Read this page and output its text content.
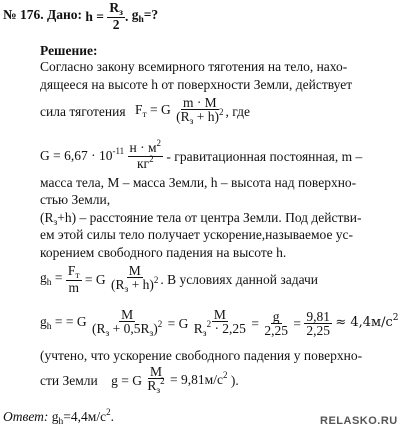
№ 176. Дано: $h = \frac{R_з}{2}$ . $g_h=$?
Решение:
Согласно закону всемирного тяготения на тело, нахо-
дящееся на высоте h от поверхности Земли, действует
сила тяготения $F_т = G \frac{m \cdot M}{(R_з + h)^2}$ , где
$G = 6,67 \cdot 10^{-11} \frac{н \cdot м^2}{кг^2}$ - гравитационная постоянная, m –
масса тела, М – масса Земли, h – высота над поверхно-
стью Земли,
$(R_з+h)$ – расстояние тела от центра Земли. Под действи-
ем этой силы тело получает ускорение,называемое ус-
корением свободного падения на высоте h.
$g_h = \frac{F_т}{m} = G \frac{M}{(R_з + h)^2}$ . В условиях данной задачи
$g_h$ = = G $\frac{M}{(R_з + 0,5R_з)^2} = G \frac{M}{R_з^2 \cdot 2,25} = \frac{g}{2,25} = \frac{9,81}{2,25} \approx 4,4м/с^2$
(учтено, что ускорение свободного падения у поверхно-
сти Земли g = G $\frac{M}{R_з^2} = 9,81м/с^2$ ).
Ответ: $g_h=4,4м/с^2$.	RELASKO.RU
